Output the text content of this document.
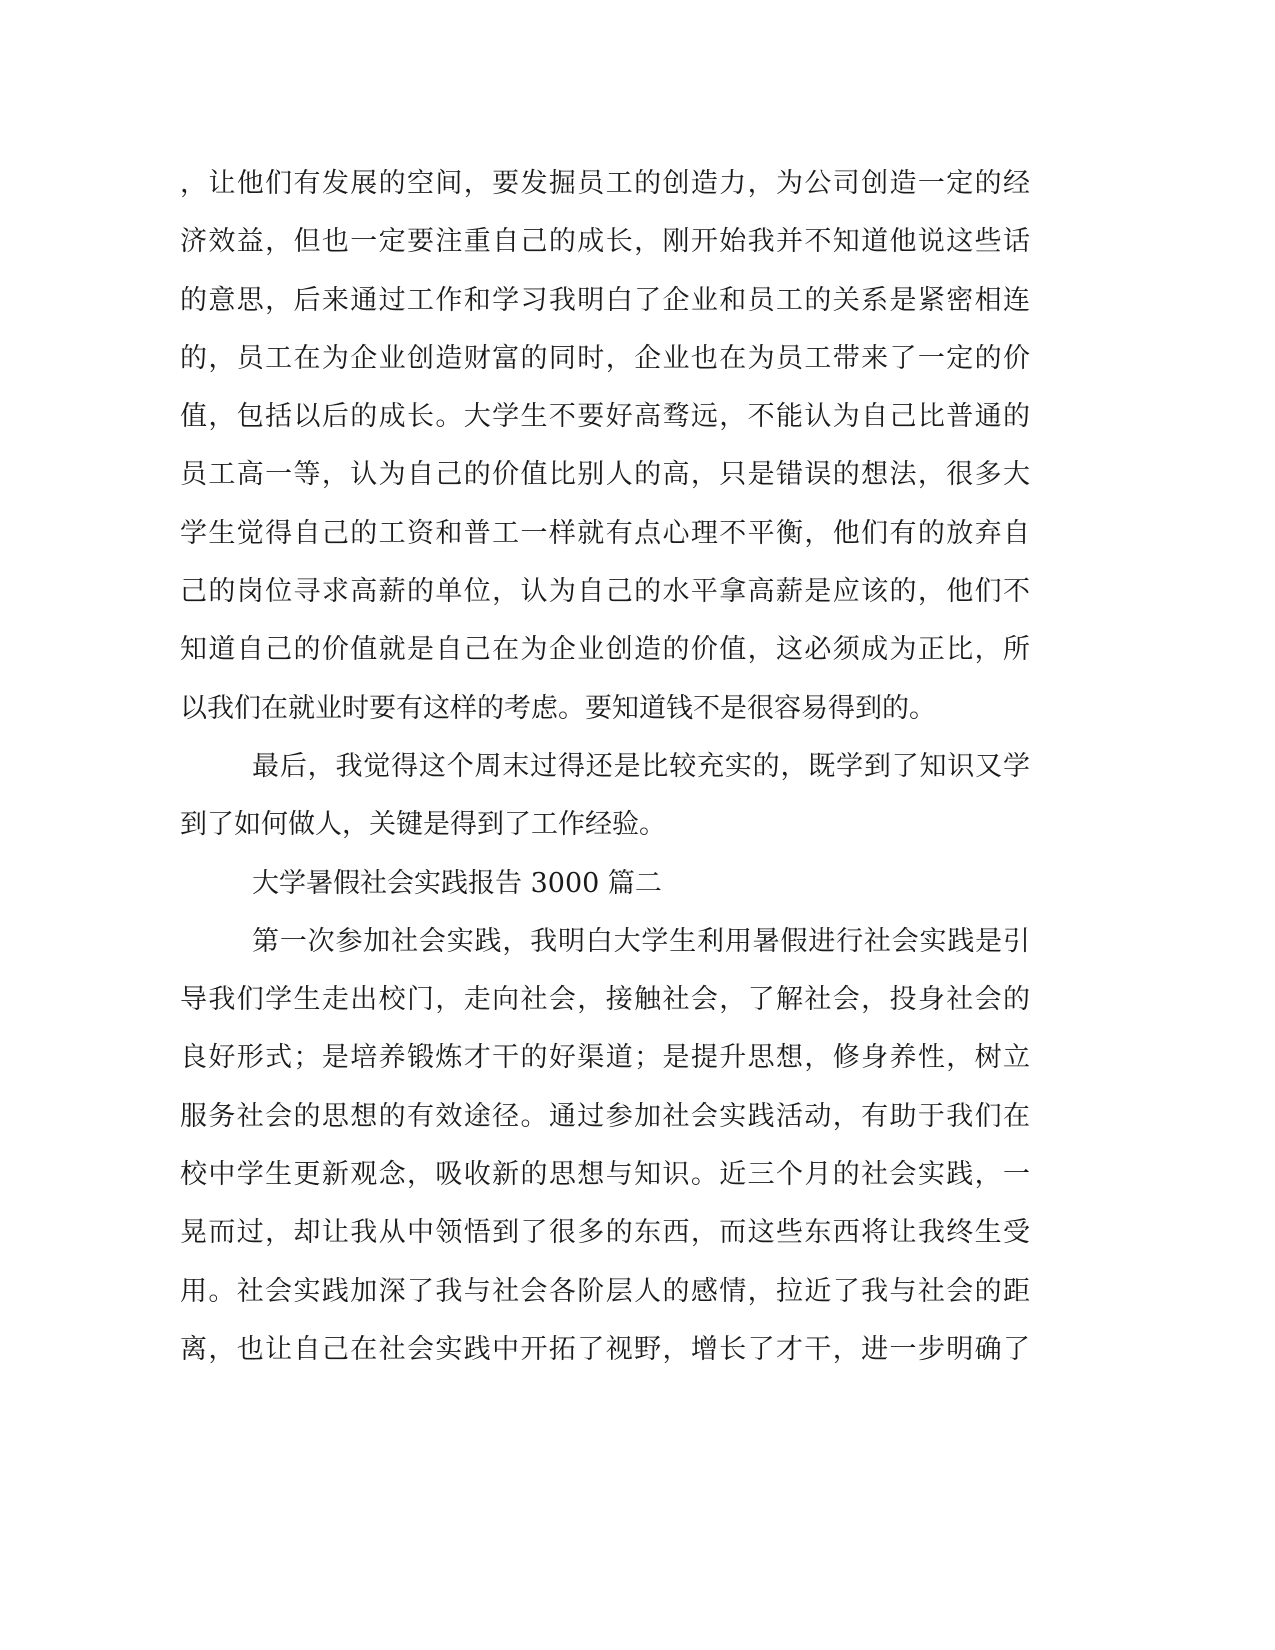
，让他们有发展的空间，要发掘员工的创造力，为公司创造一定的经
济效益，但也一定要注重自己的成长，刚开始我并不知道他说这些话
的意思，后来通过工作和学习我明白了企业和员工的关系是紧密相连
的，员工在为企业创造财富的同时，企业也在为员工带来了一定的价
值，包括以后的成长。大学生不要好高骛远，不能认为自己比普通的
员工高一等，认为自己的价值比别人的高，只是错误的想法，很多大
学生觉得自己的工资和普工一样就有点心理不平衡，他们有的放弃自
己的岗位寻求高薪的单位，认为自己的水平拿高薪是应该的，他们不
知道自己的价值就是自己在为企业创造的价值，这必须成为正比，所
以我们在就业时要有这样的考虑。要知道钱不是很容易得到的。
最后，我觉得这个周末过得还是比较充实的，既学到了知识又学
到了如何做人，关键是得到了工作经验。
大学暑假社会实践报告 3000 篇二
第一次参加社会实践，我明白大学生利用暑假进行社会实践是引
导我们学生走出校门，走向社会，接触社会，了解社会，投身社会的
良好形式；是培养锻炼才干的好渠道；是提升思想，修身养性，树立
服务社会的思想的有效途径。通过参加社会实践活动，有助于我们在
校中学生更新观念，吸收新的思想与知识。近三个月的社会实践，一
晃而过，却让我从中领悟到了很多的东西，而这些东西将让我终生受
用。社会实践加深了我与社会各阶层人的感情，拉近了我与社会的距
离，也让自己在社会实践中开拓了视野，增长了才干，进一步明确了
